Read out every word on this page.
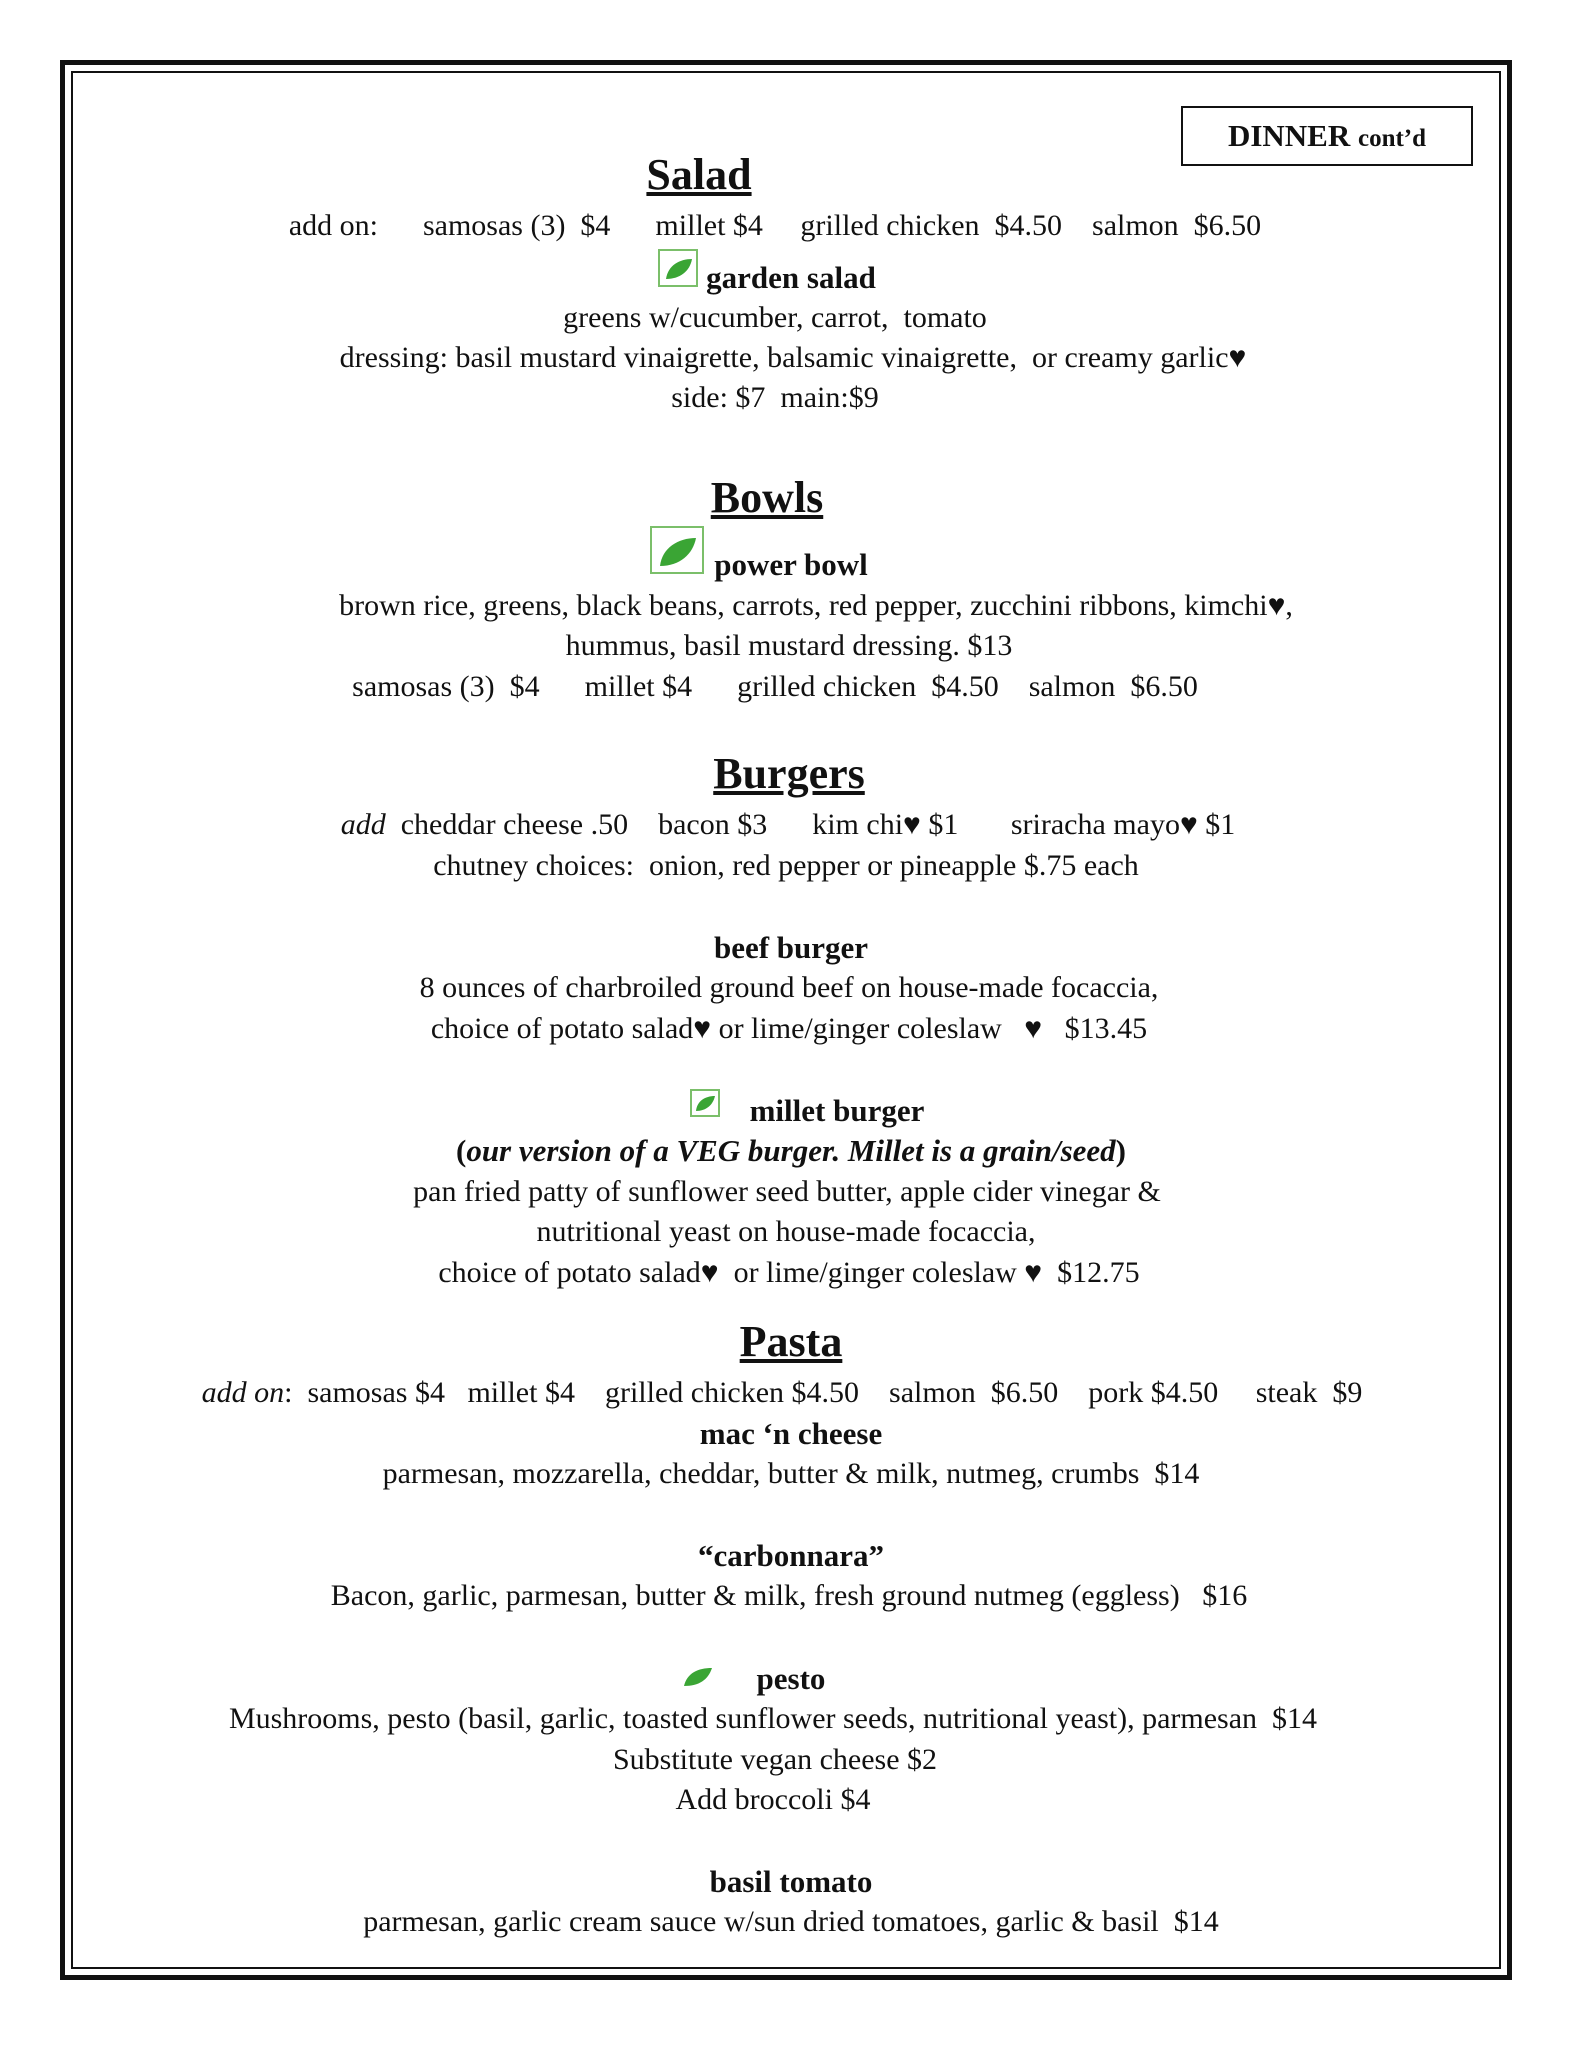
DINNER cont’d
Salad
add on:      samosas (3)  $4      millet $4     grilled chicken  $4.50    salmon  $6.50
garden salad
greens w/cucumber, carrot,  tomato
dressing: basil mustard vinaigrette, balsamic vinaigrette,  or creamy garlic♥
side: $7  main:$9
Bowls
power bowl
brown rice, greens, black beans, carrots, red pepper, zucchini ribbons, kimchi♥,
hummus, basil mustard dressing. $13
samosas (3)  $4      millet $4      grilled chicken  $4.50    salmon  $6.50
Burgers
add  cheddar cheese .50    bacon $3      kim chi♥ $1       sriracha mayo♥ $1
chutney choices:  onion, red pepper or pineapple $.75 each
beef burger
8 ounces of charbroiled ground beef on house-made focaccia,
choice of potato salad♥ or lime/ginger coleslaw   ♥   $13.45
millet burger
(our version of a VEG burger. Millet is a grain/seed)
pan fried patty of sunflower seed butter, apple cider vinegar &
nutritional yeast on house-made focaccia,
choice of potato salad♥  or lime/ginger coleslaw ♥  $12.75
Pasta
add on:  samosas $4   millet $4    grilled chicken $4.50    salmon  $6.50    pork $4.50     steak  $9
mac ‘n cheese
parmesan, mozzarella, cheddar, butter & milk, nutmeg, crumbs  $14
“carbonnara”
Bacon, garlic, parmesan, butter & milk, fresh ground nutmeg (eggless)   $16
pesto
Mushrooms, pesto (basil, garlic, toasted sunflower seeds, nutritional yeast), parmesan  $14
Substitute vegan cheese $2
Add broccoli $4
basil tomato
parmesan, garlic cream sauce w/sun dried tomatoes, garlic & basil  $14
